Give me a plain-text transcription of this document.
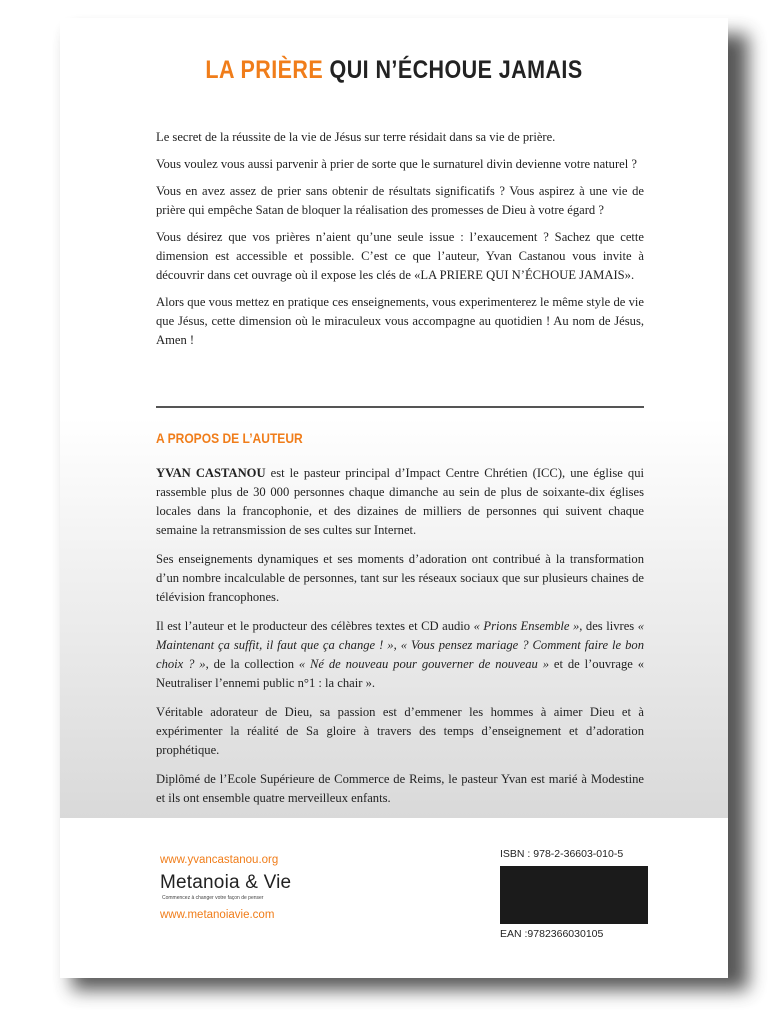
LA PRIÈRE QUI N’ÉCHOUE JAMAIS

Le secret de la réussite de la vie de Jésus sur terre résidait dans sa vie de prière.

Vous voulez vous aussi parvenir à prier de sorte que le surnaturel divin devienne votre naturel ?

Vous en avez assez de prier sans obtenir de résultats significatifs ? Vous aspirez à une vie de prière qui empêche Satan de bloquer la réalisation des promesses de Dieu à votre égard ?

Vous désirez que vos prières n’aient qu’une seule issue : l’exaucement ? Sachez que cette dimension est accessible et possible. C’est ce que l’auteur, Yvan Castanou vous invite à découvrir dans cet ouvrage où il expose les clés de «LA PRIERE QUI N’ÉCHOUE JAMAIS».

Alors que vous mettez en pratique ces enseignements, vous experimenterez le même style de vie que Jésus, cette dimension où le miraculeux vous accompagne au quotidien ! Au nom de Jésus, Amen !

A PROPOS DE L’AUTEUR

YVAN CASTANOU est le pasteur principal d’Impact Centre Chrétien (ICC), une église qui rassemble plus de 30 000 personnes chaque dimanche au sein de plus de soixante-dix églises locales dans la francophonie, et des dizaines de milliers de personnes qui suivent chaque semaine la retransmission de ses cultes sur Internet.

Ses enseignements dynamiques et ses moments d’adoration ont contribué à la transformation d’un nombre incalculable de personnes, tant sur les réseaux sociaux que sur plusieurs chaines de télévision francophones.

Il est l’auteur et le producteur des célèbres textes et CD audio « Prions Ensemble », des livres « Maintenant ça suffit, il faut que ça change ! », « Vous pensez mariage ? Comment faire le bon choix ? », de la collection « Né de nouveau pour gouverner de nouveau » et de l’ouvrage « Neutraliser l’ennemi public n°1 : la chair ».

Véritable adorateur de Dieu, sa passion est d’emmener les hommes à aimer Dieu et à expérimenter la réalité de Sa gloire à travers des temps d’enseignement et d’adoration prophétique.

Diplômé de l’Ecole Supérieure de Commerce de Reims, le pasteur Yvan est marié à Modestine et ils ont ensemble quatre merveilleux enfants.

www.yvancastanou.org
Metanoia & Vie
Commencez à changer votre façon de penser
www.metanoiavie.com
ISBN : 978-2-36603-010-5
EAN :9782366030105
